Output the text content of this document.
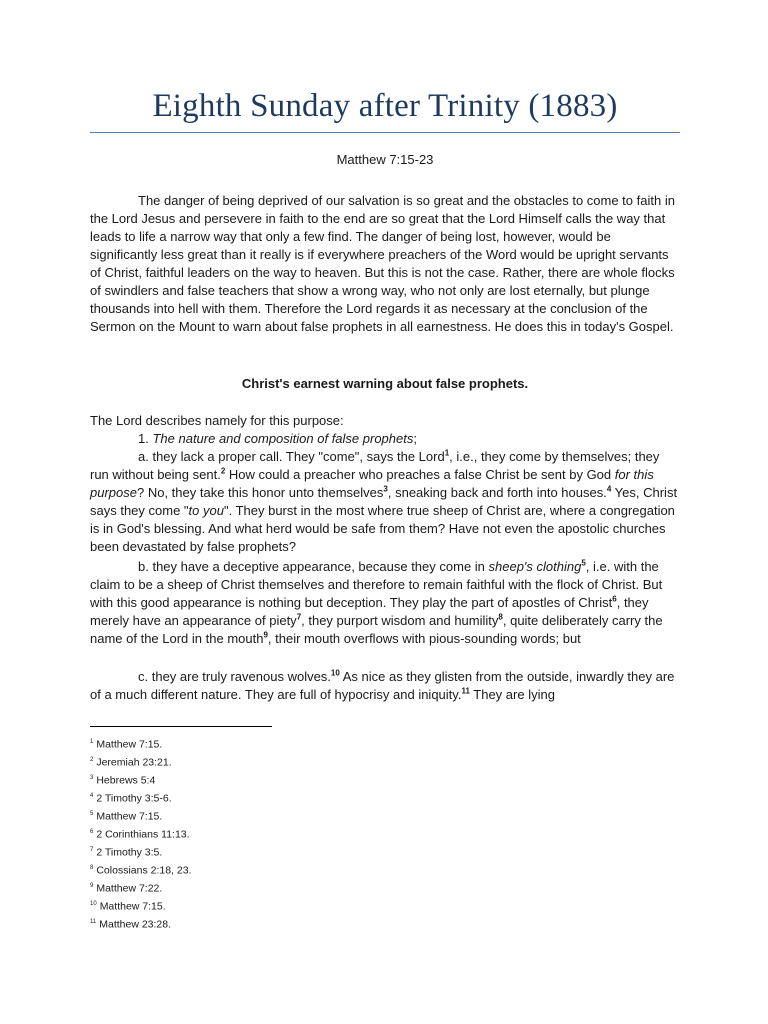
Eighth Sunday after Trinity (1883)

Matthew 7:15-23

The danger of being deprived of our salvation is so great and the obstacles to come to faith in the Lord Jesus and persevere in faith to the end are so great that the Lord Himself calls the way that leads to life a narrow way that only a few find. The danger of being lost, however, would be significantly less great than it really is if everywhere preachers of the Word would be upright servants of Christ, faithful leaders on the way to heaven. But this is not the case. Rather, there are whole flocks of swindlers and false teachers that show a wrong way, who not only are lost eternally, but plunge thousands into hell with them. Therefore the Lord regards it as necessary at the conclusion of the Sermon on the Mount to warn about false prophets in all earnestness. He does this in today's Gospel.

Christ's earnest warning about false prophets.

The Lord describes namely for this purpose:

1. The nature and composition of false prophets;

a. they lack a proper call. They "come", says the Lord$^1$, i.e., they come by themselves; they run without being sent.$^2$ How could a preacher who preaches a false Christ be sent by God for this purpose? No, they take this honor unto themselves$^3$, sneaking back and forth into houses.$^4$ Yes, Christ says they come "to you". They burst in the most where true sheep of Christ are, where a congregation is in God's blessing. And what herd would be safe from them? Have not even the apostolic churches been devastated by false prophets?

b. they have a deceptive appearance, because they come in sheep's clothing$^5$, i.e. with the claim to be a sheep of Christ themselves and therefore to remain faithful with the flock of Christ. But with this good appearance is nothing but deception. They play the part of apostles of Christ$^6$, they merely have an appearance of piety$^7$, they purport wisdom and humility$^8$, quite deliberately carry the name of the Lord in the mouth$^9$, their mouth overflows with pious-sounding words; but

c. they are truly ravenous wolves.$^{10}$ As nice as they glisten from the outside, inwardly they are of a much different nature. They are full of hypocrisy and iniquity.$^{11}$ They are lying

$^1$ Matthew 7:15.
$^2$ Jeremiah 23:21.
$^3$ Hebrews 5:4
$^4$ 2 Timothy 3:5-6.
$^5$ Matthew 7:15.
$^6$ 2 Corinthians 11:13.
$^7$ 2 Timothy 3:5.
$^8$ Colossians 2:18, 23.
$^9$ Matthew 7:22.
$^{10}$ Matthew 7:15.
$^{11}$ Matthew 23:28.
